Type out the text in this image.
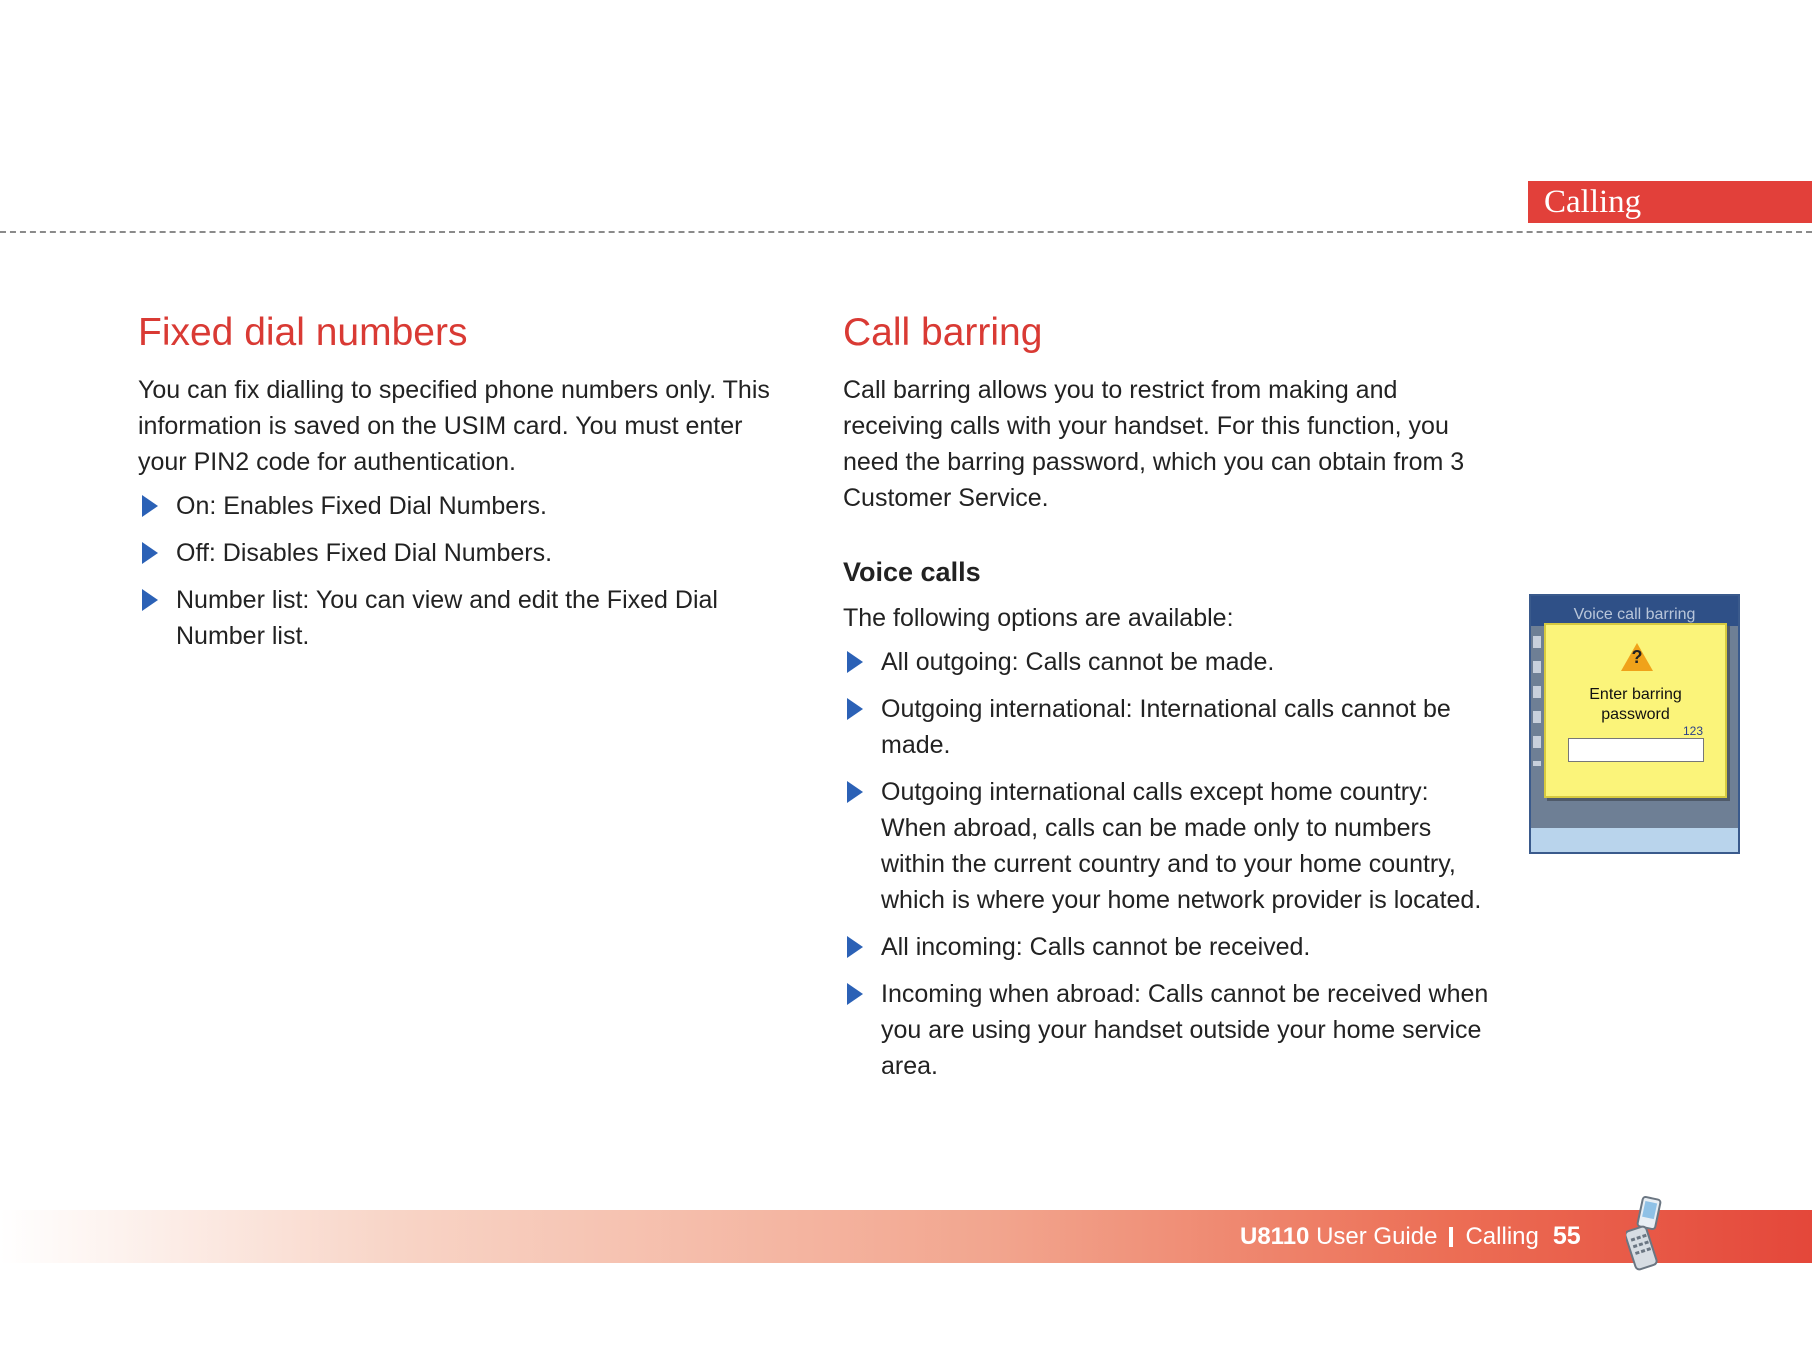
Calling
Fixed dial numbers

You can fix dialling to specified phone numbers only. This information is saved on the USIM card. You must enter your PIN2 code for authentication.

On: Enables Fixed Dial Numbers.
Off: Disables Fixed Dial Numbers.
Number list: You can view and edit the Fixed Dial Number list.
Call barring

Call barring allows you to restrict from making and receiving calls with your handset. For this function, you need the barring password, which you can obtain from 3 Customer Service.

Voice calls

The following options are available:

All outgoing: Calls cannot be made.
Outgoing international: International calls cannot be made.
Outgoing international calls except home country: When abroad, calls can be made only to numbers within the current country and to your home country, which is where your home network provider is located.
All incoming: Calls cannot be received.
Incoming when abroad: Calls cannot be received when you are using your handset outside your home service area.
Voice call barring
?
Enter barring
password
123
U8110 User Guide Calling 55
